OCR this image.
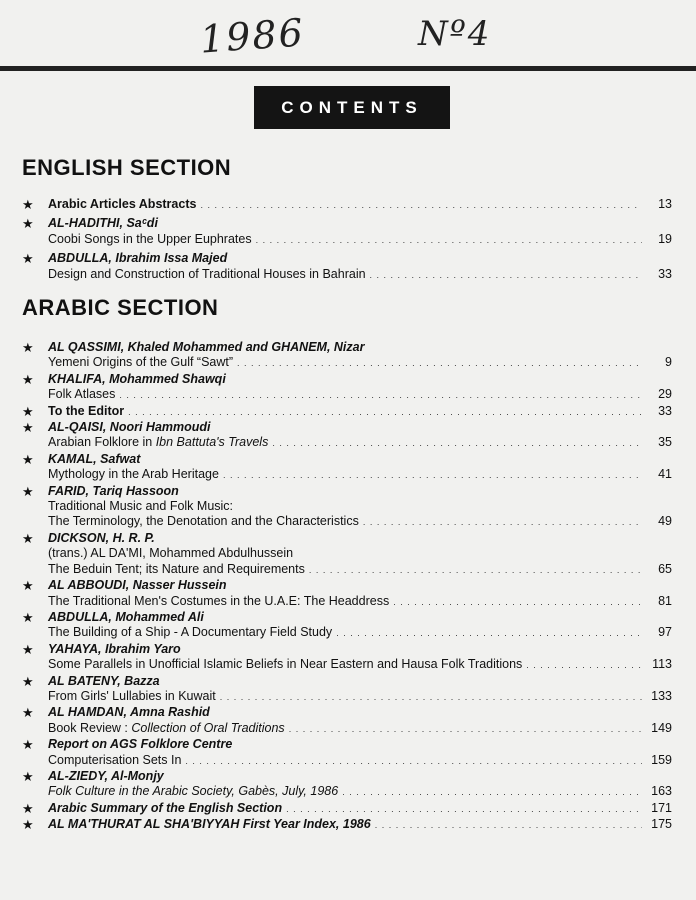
1986	Nº4
CONTENTS
ENGLISH SECTION
★ Arabic Articles Abstracts . . .	13
★ AL-HADITHI, Saᶜdi
Coobi Songs in the Upper Euphrates . . .	19
★ ABDULLA, Ibrahim Issa Majed
Design and Construction of Traditional Houses in Bahrain . . .	33
ARABIC SECTION
★ AL QASSIMI, Khaled Mohammed and GHANEM, Nizar
Yemeni Origins of the Gulf “Sawt” . . .	9
★ KHALIFA, Mohammed Shawqi
Folk Atlases . . .	29
★ To the Editor . . .	33
★ AL-QAISI, Noori Hammoudi
Arabian Folklore in Ibn Battuta's Travels . . .	35
★ KAMAL, Safwat
Mythology in the Arab Heritage . . .	41
★ FARID, Tariq Hassoon
Traditional Music and Folk Music:
The Terminology, the Denotation and the Characteristics . . .	49
★ DICKSON, H. R. P.
(trans.) AL DA'MI, Mohammed Abdulhussein
The Beduin Tent; its Nature and Requirements . . .	65
★ AL ABBOUDI, Nasser Hussein
The Traditional Men's Costumes in the U.A.E: The Headdress . . .	81
★ ABDULLA, Mohammed Ali
The Building of a Ship - A Documentary Field Study . . .	97
★ YAHAYA, Ibrahim Yaro
Some Parallels in Unofficial Islamic Beliefs in Near Eastern and Hausa Folk Traditions . . .	113
★ AL BATENY, Bazza
From Girls' Lullabies in Kuwait . . .	133
★ AL HAMDAN, Amna Rashid
Book Review : Collection of Oral Traditions . . .	149
★ Report on AGS Folklore Centre
Computerisation Sets In . . .	159
★ AL-ZIEDY, Al-Monjy
Folk Culture in the Arabic Society, Gabès, July, 1986 . . .	163
★ Arabic Summary of the English Section . . .	171
★ AL MA'THURAT AL SHA'BIYYAH First Year Index, 1986 . . .	175
